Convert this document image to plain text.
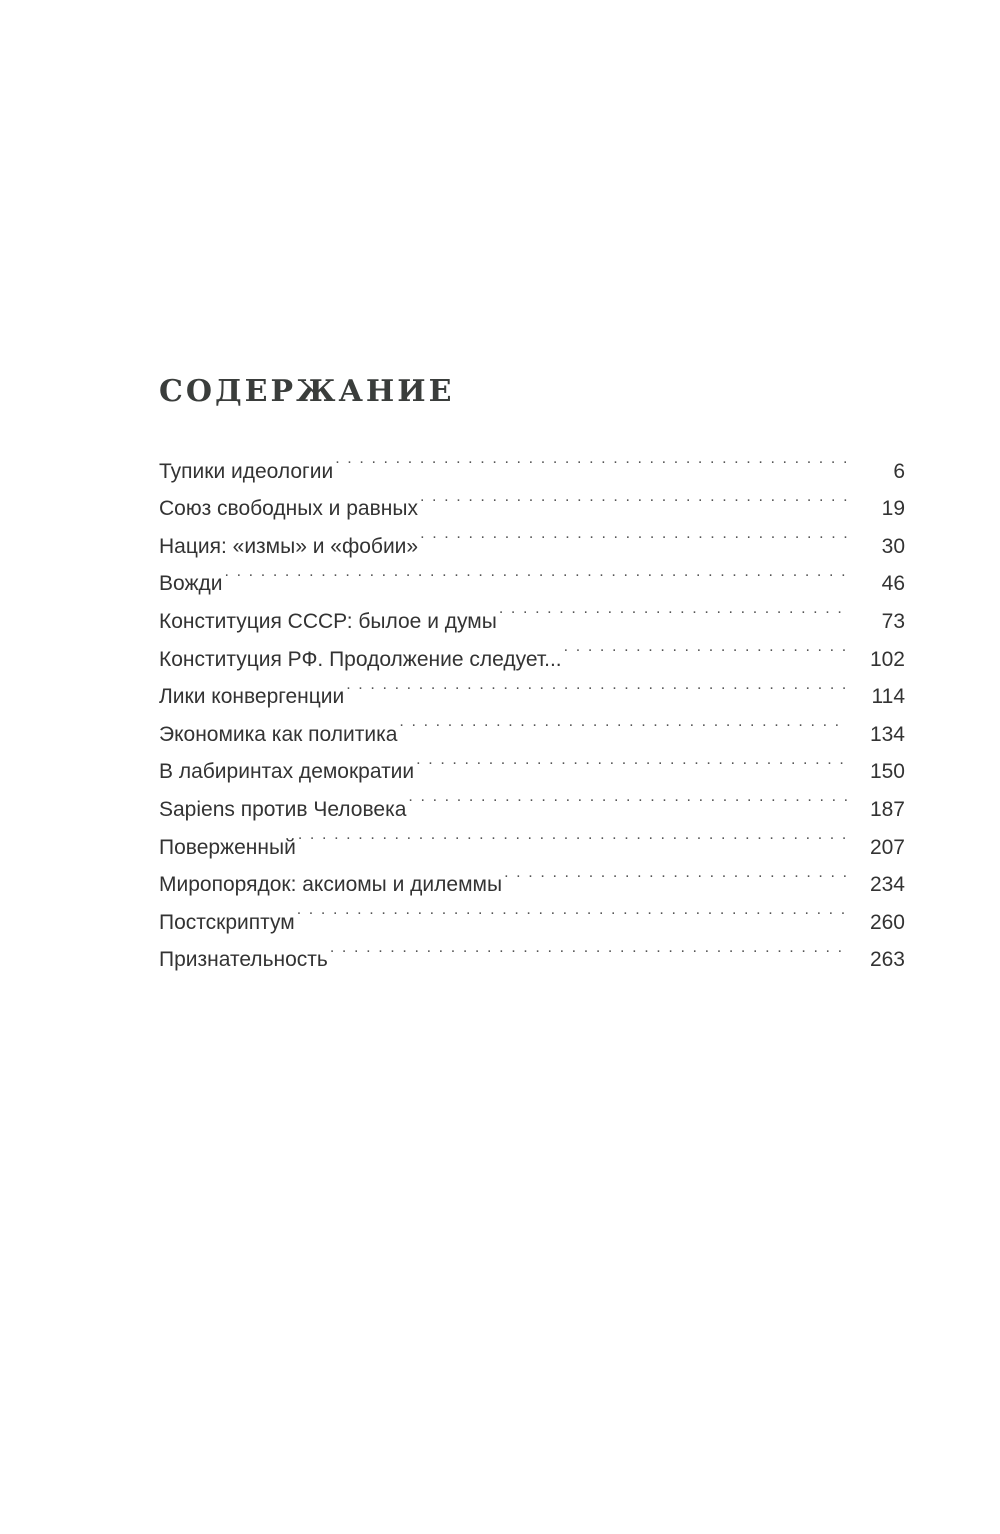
СОДЕРЖАНИЕ
Тупики идеологии . . .	6
Союз свободных и равных . . .	19
Нация: «измы» и «фобии» . . .	30
Вожди . . .	46
Конституция СССР: былое и думы . . .	73
Конституция РФ. Продолжение следует... . . .	102
Лики конвергенции . . .	114
Экономика как политика . . .	134
В лабиринтах демократии . . .	150
Sapiens против Человека . . .	187
Поверженный . . .	207
Миропорядок: аксиомы и дилеммы . . .	234
Постскриптум . . .	260
Признательность . . .	263
